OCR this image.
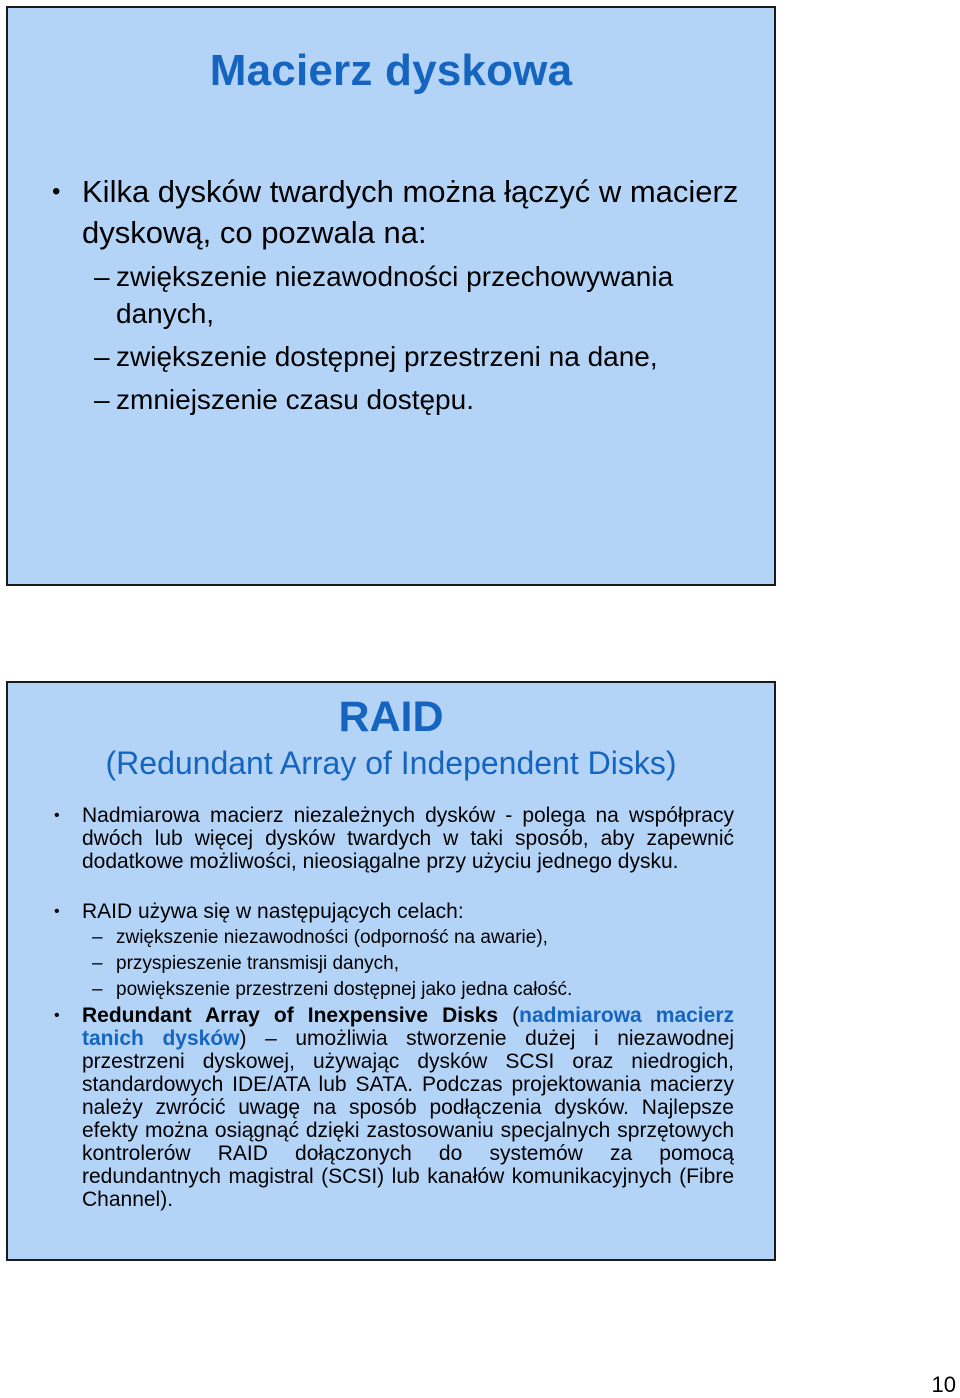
Macierz dyskowa
• Kilka dysków twardych można łączyć w macierz dyskową, co pozwala na:
– zwiększenie niezawodności przechowywania danych,
– zwiększenie dostępnej przestrzeni na dane,
– zmniejszenie czasu dostępu.
RAID
(Redundant Array of Independent Disks)
• Nadmiarowa macierz niezależnych dysków - polega na współpracy dwóch lub więcej dysków twardych w taki sposób, aby zapewnić dodatkowe możliwości, nieosiągalne przy użyciu jednego dysku.
• RAID używa się w następujących celach:
– zwiększenie niezawodności (odporność na awarie),
– przyspieszenie transmisji danych,
– powiększenie przestrzeni dostępnej jako jedna całość.
• Redundant Array of Inexpensive Disks (nadmiarowa macierz tanich dysków) – umożliwia stworzenie dużej i niezawodnej przestrzeni dyskowej, używając dysków SCSI oraz niedrogich, standardowych IDE/ATA lub SATA. Podczas projektowania macierzy należy zwrócić uwagę na sposób podłączenia dysków. Najlepsze efekty można osiągnąć dzięki zastosowaniu specjalnych sprzętowych kontrolerów RAID dołączonych do systemów za pomocą redundantnych magistral (SCSI) lub kanałów komunikacyjnych (Fibre Channel).
10
